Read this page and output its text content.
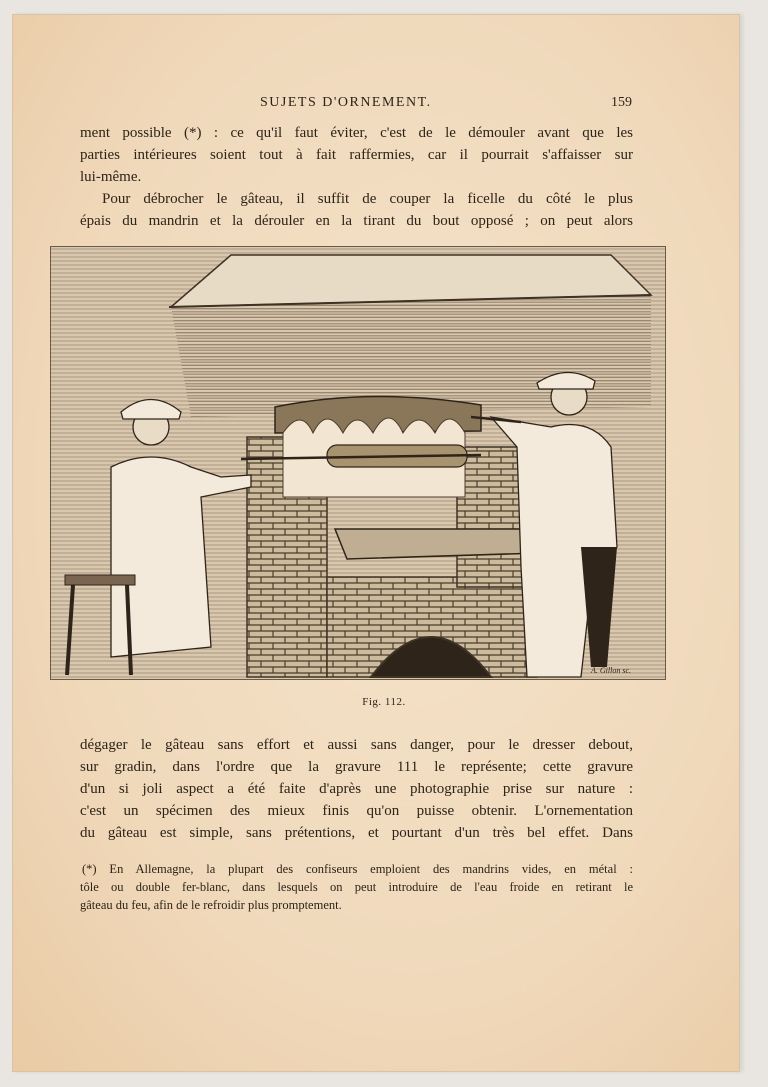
SUJETS D'ORNEMENT.	159
ment possible (*) : ce qu'il faut éviter, c'est de le démouler avant que les
parties intérieures soient tout à fait raffermies, car il pourrait s'affaisser sur
lui-même.
Pour débrocher le gâteau, il suffit de couper la ficelle du côté le plus
épais du mandrin et la dérouler en la tirant du bout opposé ; on peut alors
A. Gillon sc.
Fig. 112.
dégager le gâteau sans effort et aussi sans danger, pour le dresser debout,
sur gradin, dans l'ordre que la gravure 111 le représente; cette gravure
d'un si joli aspect a été faite d'après une photographie prise sur nature :
c'est un spécimen des mieux finis qu'on puisse obtenir. L'ornementation
du gâteau est simple, sans prétentions, et pourtant d'un très bel effet. Dans
(*) En Allemagne, la plupart des confiseurs emploient des mandrins vides, en métal :
tôle ou double fer-blanc, dans lesquels on peut introduire de l'eau froide en retirant le
gâteau du feu, afin de le refroidir plus promptement.
